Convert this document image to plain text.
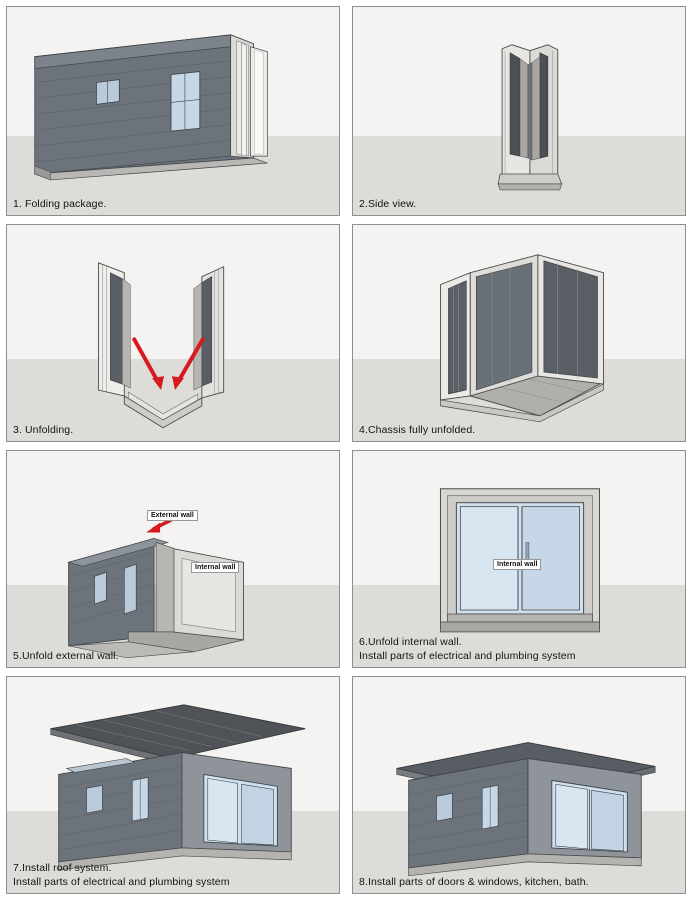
1. Folding package.	2.Side view.
3. Unfolding.	4.Chassis fully unfolded.
External wall
Internal wall
5.Unfold external wall.
Internal wall
6.Unfold internal wall.
Install parts of electrical and plumbing system
7.Install roof system.
Install parts of electrical and plumbing system	8.Install parts of doors & windows, kitchen, bath.
